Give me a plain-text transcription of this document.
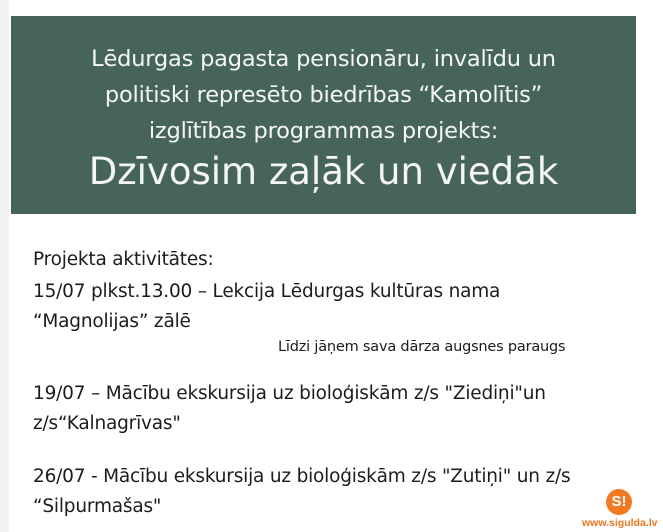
Lēdurgas pagasta pensionāru, invalīdu un
politiski represēto biedrības “Kamolītis”
izglītības programmas projekts:
Dzīvosim zaļāk un viedāk
Projekta aktivitātes:
15/07 plkst.13.00 – Lekcija Lēdurgas kultūras nama
“Magnolijas” zālē
Līdzi jāņem sava dārza augsnes paraugs
19/07 – Mācību ekskursija uz bioloģiskām z/s "Ziediņi"un
z/s“Kalnagrīvas"
26/07 - Mācību ekskursija uz bioloģiskām z/s "Zutiņi" un z/s
“Silpurmašas"	S!
www.sigulda.lv
